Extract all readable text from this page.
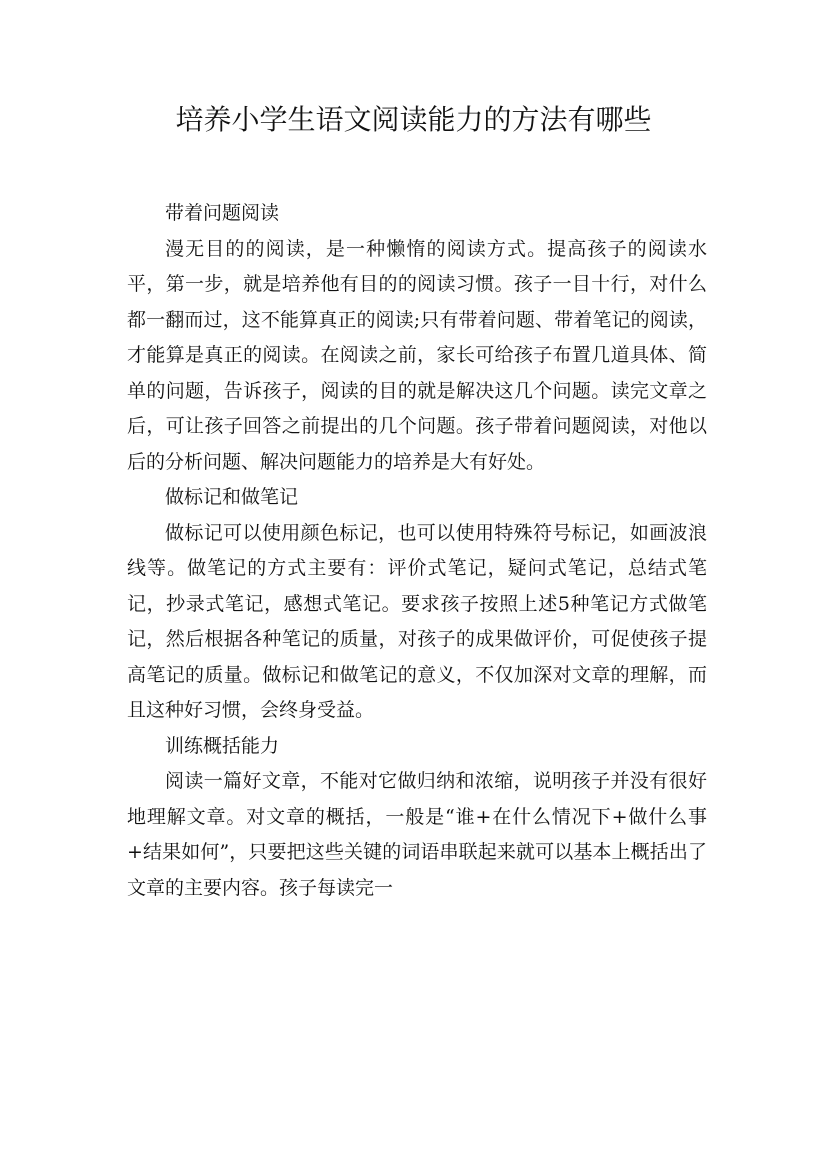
培养小学生语文阅读能力的方法有哪些

带着问题阅读

漫无目的的阅读，是一种懒惰的阅读方式。提高孩子的阅读水平，第一步，就是培养他有目的的阅读习惯。孩子一目十行，对什么都一翻而过，这不能算真正的阅读;只有带着问题、带着笔记的阅读，才能算是真正的阅读。在阅读之前，家长可给孩子布置几道具体、简单的问题，告诉孩子，阅读的目的就是解决这几个问题。读完文章之后，可让孩子回答之前提出的几个问题。孩子带着问题阅读，对他以后的分析问题、解决问题能力的培养是大有好处。

做标记和做笔记

做标记可以使用颜色标记，也可以使用特殊符号标记，如画波浪线等。做笔记的方式主要有：评价式笔记，疑问式笔记，总结式笔记，抄录式笔记，感想式笔记。要求孩子按照上述5种笔记方式做笔记，然后根据各种笔记的质量，对孩子的成果做评价，可促使孩子提高笔记的质量。做标记和做笔记的意义，不仅加深对文章的理解，而且这种好习惯，会终身受益。

训练概括能力

阅读一篇好文章，不能对它做归纳和浓缩，说明孩子并没有很好地理解文章。对文章的概括，一般是“谁+在什么情况下+做什么事+结果如何”，只要把这些关键的词语串联起来就可以基本上概括出了文章的主要内容。孩子每读完一
